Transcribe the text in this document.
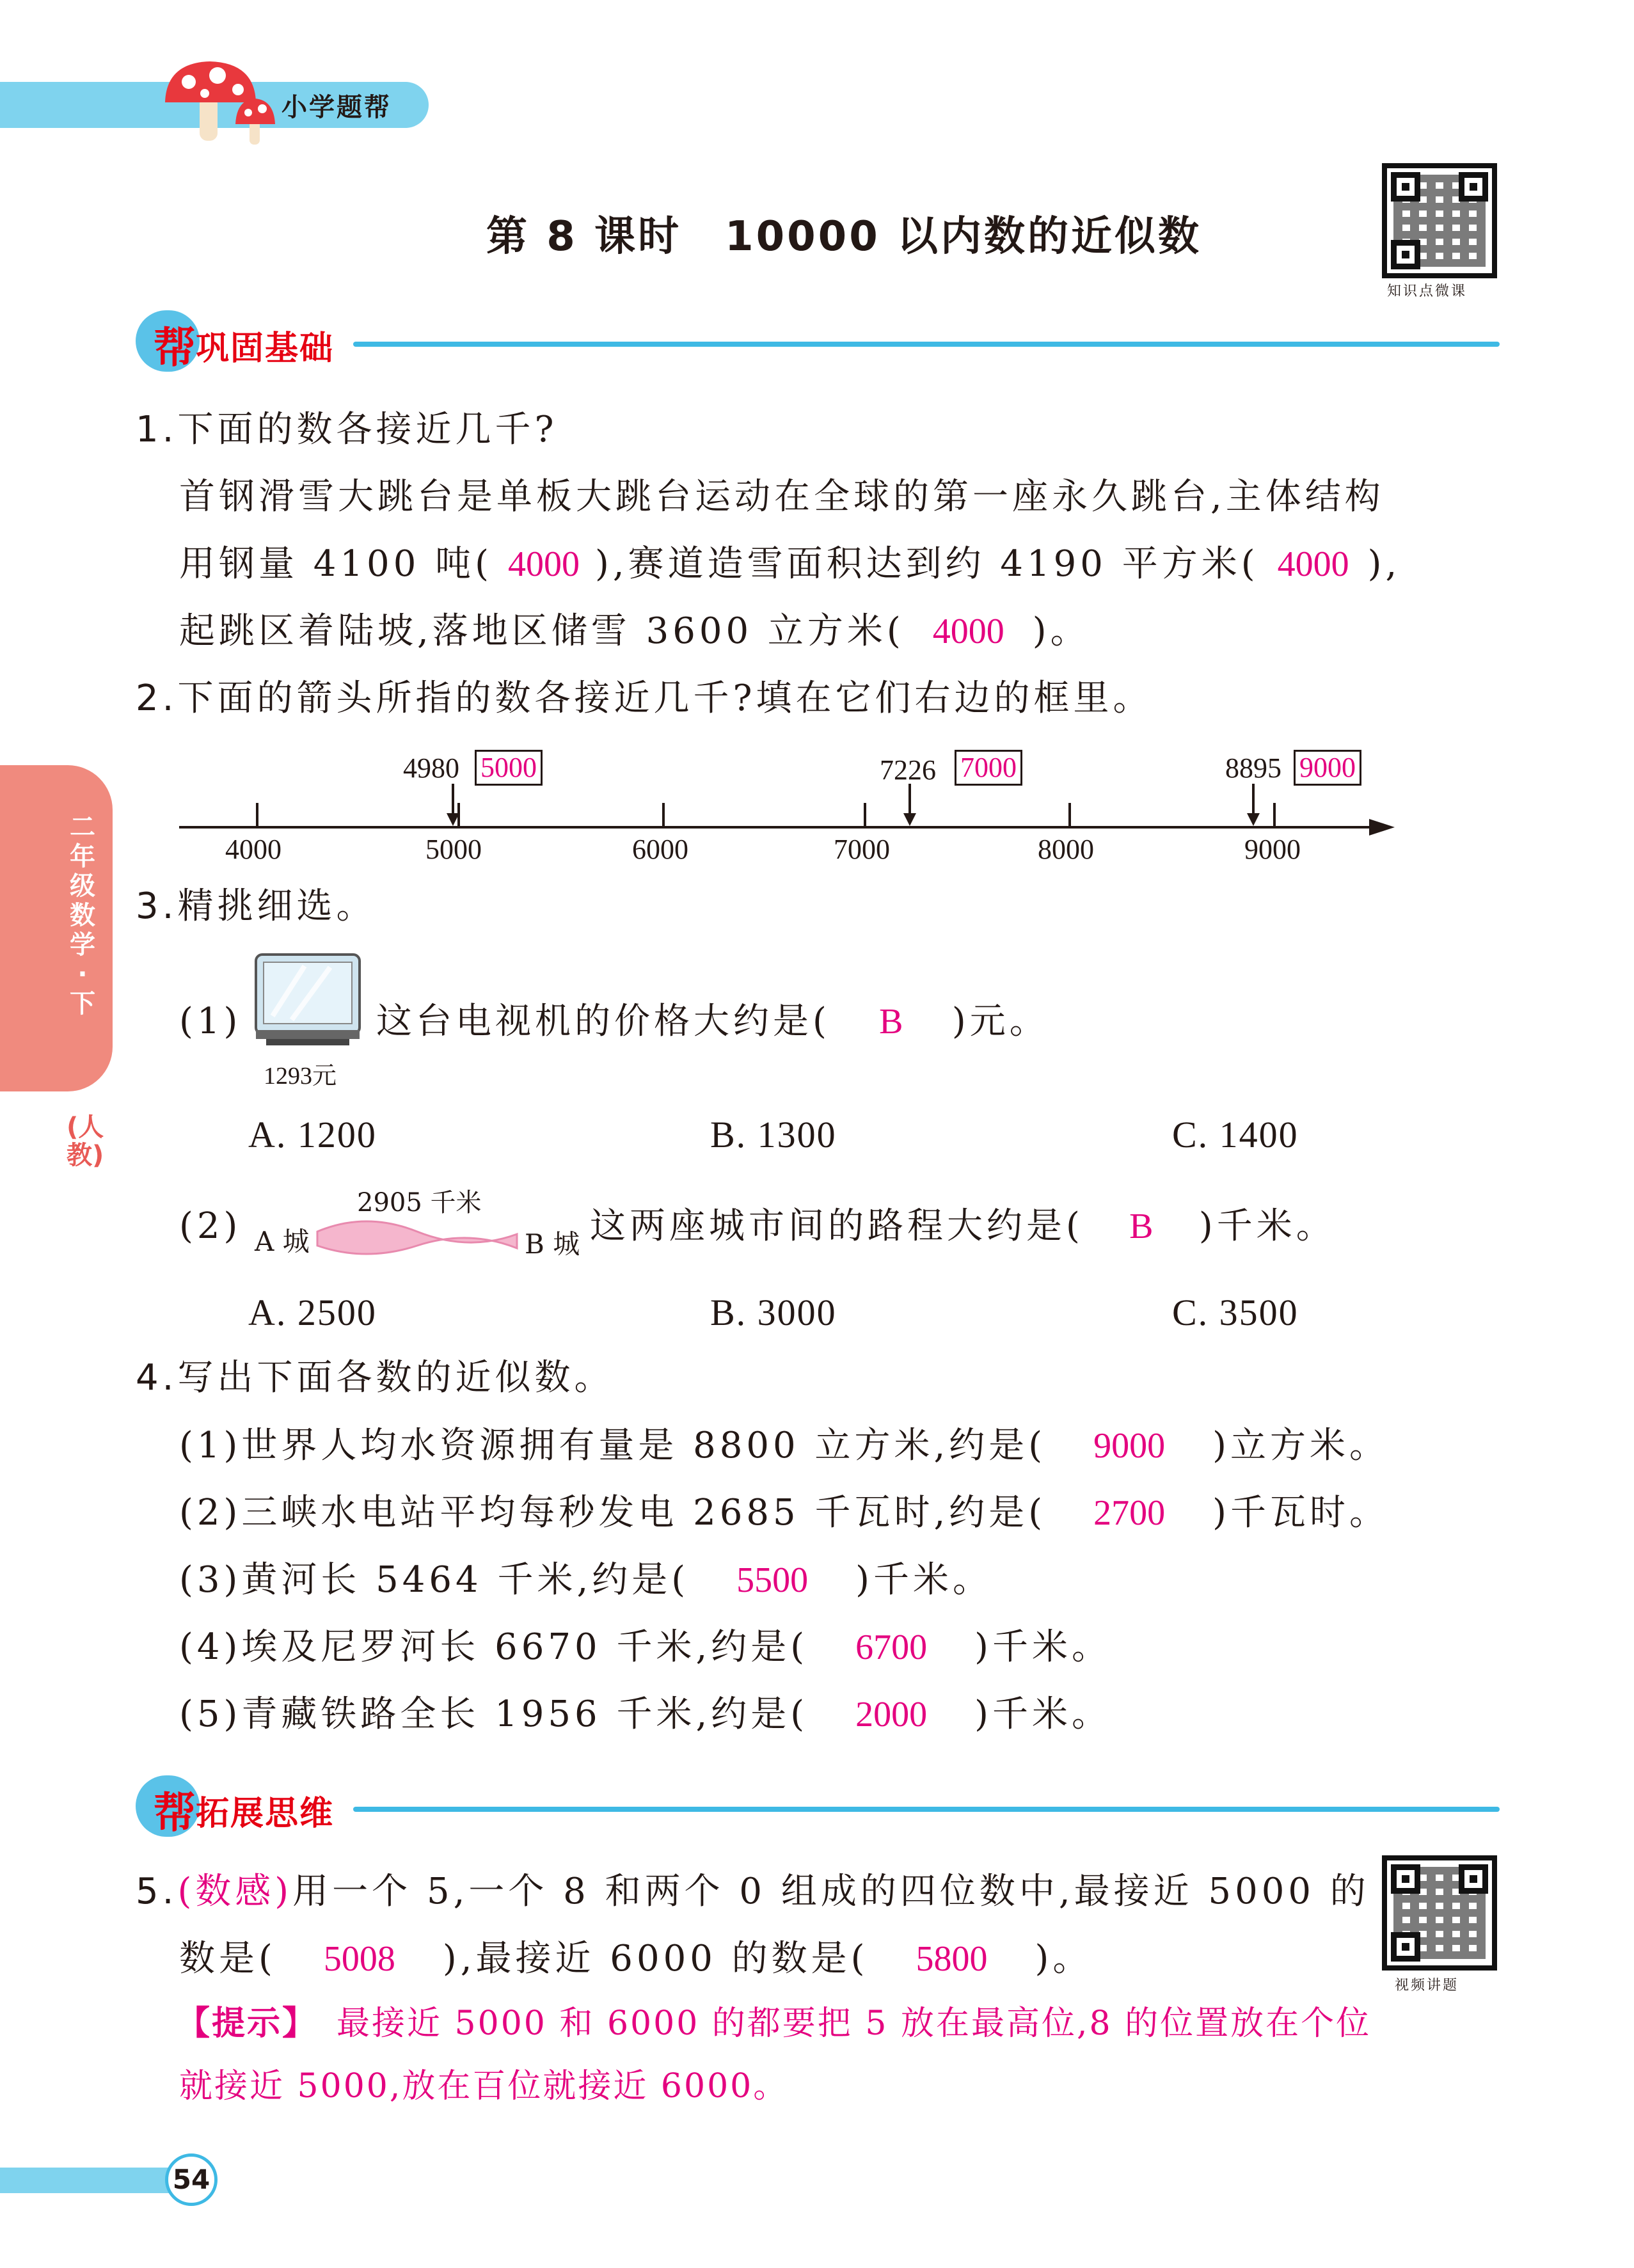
小学题帮
第 8 课时　10000 以内数的近似数
知识点微课
帮 巩固基础
二年级数学·下
(人教)
1.下面的数各接近几千?
首钢滑雪大跳台是单板大跳台运动在全球的第一座永久跳台,主体结构
用钢量 4100 吨( 4000 ),赛道造雪面积达到约 4190 平方米( 4000 ),
起跳区着陆坡,落地区储雪 3600 立方米( 4000 )。
2.下面的箭头所指的数各接近几千?填在它们右边的框里。
4000	5000	6000	7000	8000	9000
4980 5000	7226 7000	8895 9000
3.精挑细选。
(1)
1293元
这台电视机的价格大约是( B )元。
A. 1200	B. 1300	C. 1400
(2) A 城
2905 千米
B 城 这两座城市间的路程大约是( B )千米。
A. 2500	B. 3000	C. 3500
4.写出下面各数的近似数。
(1)世界人均水资源拥有量是 8800 立方米,约是( 9000 )立方米。
(2)三峡水电站平均每秒发电 2685 千瓦时,约是( 2700 )千瓦时。
(3)黄河长 5464 千米,约是( 5500 )千米。
(4)埃及尼罗河长 6670 千米,约是( 6700 )千米。
(5)青藏铁路全长 1956 千米,约是( 2000 )千米。
帮 拓展思维
5.(数感)用一个 5,一个 8 和两个 0 组成的四位数中,最接近 5000 的
数是( 5008 ),最接近 6000 的数是( 5800 )。
【提示】 最接近 5000 和 6000 的都要把 5 放在最高位,8 的位置放在个位
就接近 5000,放在百位就接近 6000。
视频讲题
54
